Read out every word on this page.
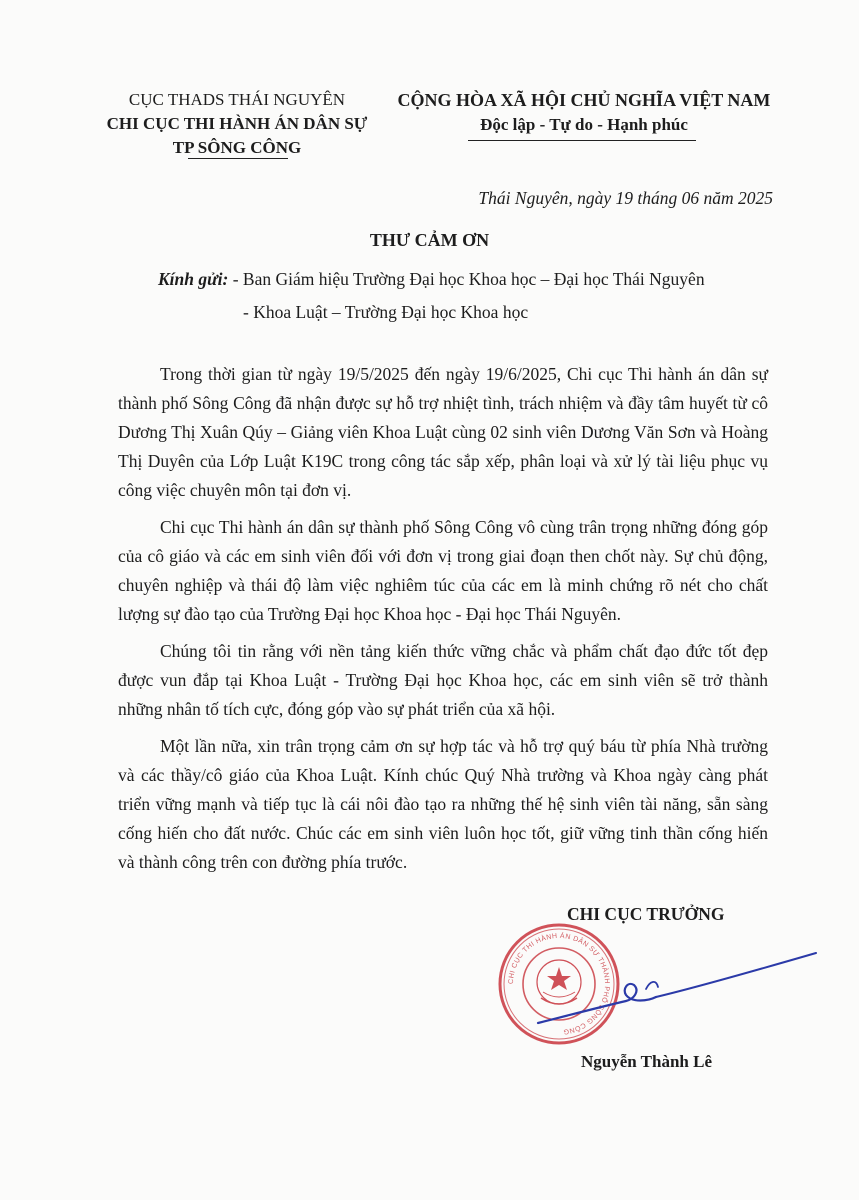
CỤC THADS THÁI NGUYÊN
CHI CỤC THI HÀNH ÁN DÂN SỰ
TP SÔNG CÔNG
CỘNG HÒA XÃ HỘI CHỦ NGHĨA VIỆT NAM
Độc lập - Tự do - Hạnh phúc
Thái Nguyên, ngày 19 tháng 06 năm 2025
THƯ CẢM ƠN
Kính gửi: - Ban Giám hiệu Trường Đại học Khoa học – Đại học Thái Nguyên
- Khoa Luật – Trường Đại học Khoa học

Trong thời gian từ ngày 19/5/2025 đến ngày 19/6/2025, Chi cục Thi hành án dân sự thành phố Sông Công đã nhận được sự hỗ trợ nhiệt tình, trách nhiệm và đầy tâm huyết từ cô Dương Thị Xuân Qúy – Giảng viên Khoa Luật cùng 02 sinh viên Dương Văn Sơn và Hoàng Thị Duyên của Lớp Luật K19C trong công tác sắp xếp, phân loại và xử lý tài liệu phục vụ công việc chuyên môn tại đơn vị.

Chi cục Thi hành án dân sự thành phố Sông Công vô cùng trân trọng những đóng góp của cô giáo và các em sinh viên đối với đơn vị trong giai đoạn then chốt này. Sự chủ động, chuyên nghiệp và thái độ làm việc nghiêm túc của các em là minh chứng rõ nét cho chất lượng sự đào tạo của Trường Đại học Khoa học - Đại học Thái Nguyên.

Chúng tôi tin rằng với nền tảng kiến thức vững chắc và phẩm chất đạo đức tốt đẹp được vun đắp tại Khoa Luật - Trường Đại học Khoa học, các em sinh viên sẽ trở thành những nhân tố tích cực, đóng góp vào sự phát triển của xã hội.

Một lần nữa, xin trân trọng cảm ơn sự hợp tác và hỗ trợ quý báu từ phía Nhà trường và các thầy/cô giáo của Khoa Luật. Kính chúc Quý Nhà trường và Khoa ngày càng phát triển vững mạnh và tiếp tục là cái nôi đào tạo ra những thế hệ sinh viên tài năng, sẵn sàng cống hiến cho đất nước. Chúc các em sinh viên luôn học tốt, giữ vững tinh thần cống hiến và thành công trên con đường phía trước.

CHI CỤC TRƯỞNG
CHI CỤC THI HÀNH ÁN DÂN SỰ THÀNH PHỐ SÔNG CÔNG
Nguyễn Thành Lê
